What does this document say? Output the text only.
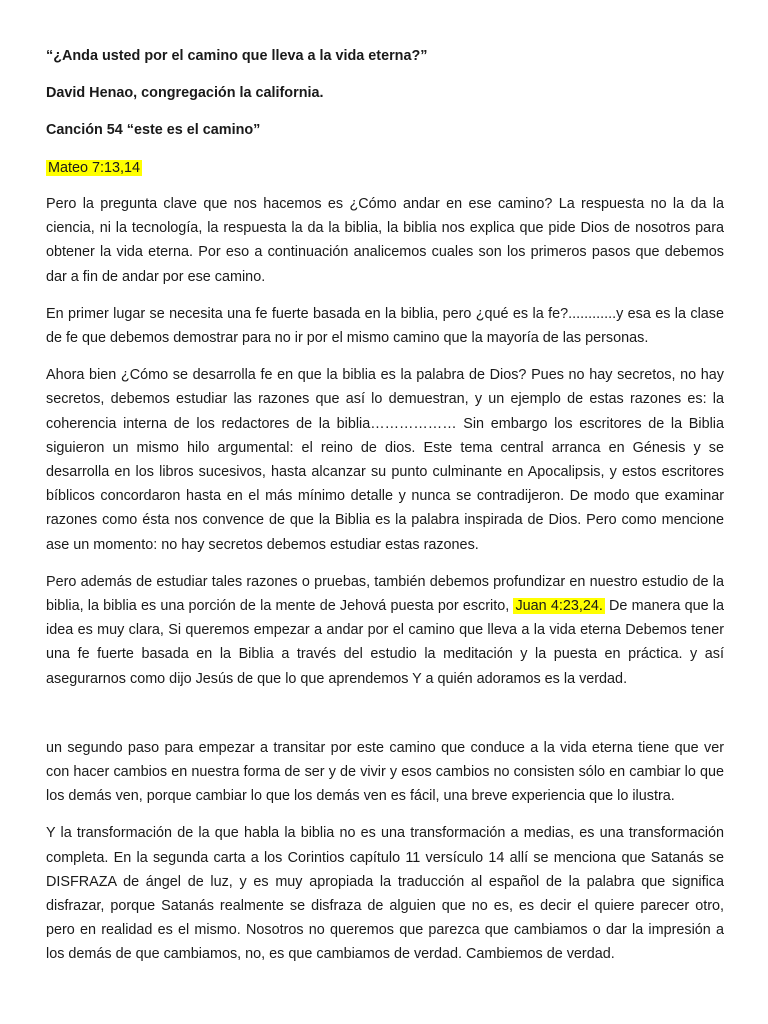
“¿Anda usted por el camino que lleva a la vida eterna?”
David Henao, congregación la california.
Canción 54 “este es el camino”
Mateo 7:13,14

Pero la pregunta clave que nos hacemos es ¿Cómo andar en ese camino? La respuesta no la da la ciencia, ni la tecnología, la respuesta la da la biblia, la biblia nos explica que pide Dios de nosotros para obtener la vida eterna. Por eso a continuación analicemos cuales son los primeros pasos que debemos dar a fin de andar por ese camino.

En primer lugar se necesita una fe fuerte basada en la biblia, pero ¿qué es la fe?............y esa es la clase de fe que debemos demostrar para no ir por el mismo camino que la mayoría de las personas.

Ahora bien ¿Cómo se desarrolla fe en que la biblia es la palabra de Dios? Pues no hay secretos, no hay secretos, debemos estudiar las razones que así lo demuestran, y un ejemplo de estas razones es: la coherencia interna de los redactores de la biblia……………… Sin embargo los escritores de la Biblia siguieron un mismo hilo argumental: el reino de dios. Este tema central arranca en Génesis y se desarrolla en los libros sucesivos, hasta alcanzar su punto culminante en Apocalipsis, y estos escritores bíblicos concordaron hasta en el más mínimo detalle y nunca se contradijeron. De modo que examinar razones como ésta nos convence de que la Biblia es la palabra inspirada de Dios. Pero como mencione ase un momento: no hay secretos debemos estudiar estas razones.

Pero además de estudiar tales razones o pruebas, también debemos profundizar en nuestro estudio de la biblia, la biblia es una porción de la mente de Jehová puesta por escrito, Juan 4:23,24. De manera que la idea es muy clara, Si queremos empezar a andar por el camino que lleva a la vida eterna Debemos tener una fe fuerte basada en la Biblia a través del estudio la meditación y la puesta en práctica. y así asegurarnos como dijo Jesús de que lo que aprendemos Y a quién adoramos es la verdad.

un segundo paso para empezar a transitar por este camino que conduce a la vida eterna tiene que ver con hacer cambios en nuestra forma de ser y de vivir y esos cambios no consisten sólo en cambiar lo que los demás ven, porque cambiar lo que los demás ven es fácil, una breve experiencia que lo ilustra.

Y la transformación de la que habla la biblia no es una transformación a medias, es una transformación completa. En la segunda carta a los Corintios capítulo 11 versículo 14 allí se menciona que Satanás se DISFRAZA de ángel de luz, y es muy apropiada la traducción al español de la palabra que significa disfrazar, porque Satanás realmente se disfraza de alguien que no es, es decir el quiere parecer otro, pero en realidad es el mismo. Nosotros no queremos que parezca que cambiamos o dar la impresión a los demás de que cambiamos, no, es que cambiamos de verdad. Cambiemos de verdad.
